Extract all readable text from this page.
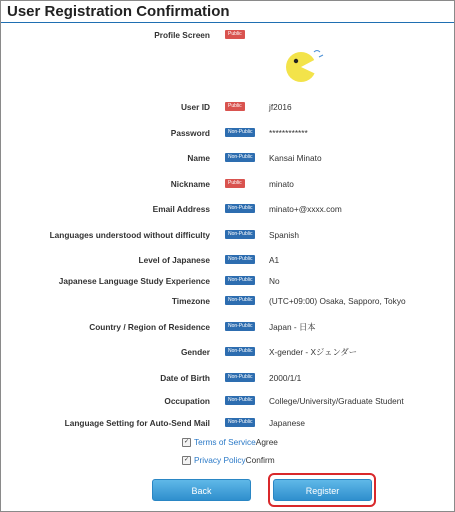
User Registration Confirmation
Profile Screen	Public
User ID	Public	jf2016
Password	Non-Public	************
Name	Non-Public	Kansai Minato
Nickname	Public	minato
Email Address	Non-Public	minato+@xxxx.com
Languages understood without difficulty	Non-Public	Spanish
Level of Japanese	Non-Public	A1
Japanese Language Study Experience	Non-Public	No
Timezone	Non-Public	(UTC+09:00) Osaka, Sapporo, Tokyo
Country / Region of Residence	Non-Public	Japan - 日本
Gender	Non-Public	X-gender - Xジェンダー
Date of Birth	Non-Public	2000/1/1
Occupation	Non-Public	College/University/Graduate Student
Language Setting for Auto-Send Mail	Non-Public	Japanese
✓ Terms of ServiceAgree
✓ Privacy PolicyConfirm
Back	Register
